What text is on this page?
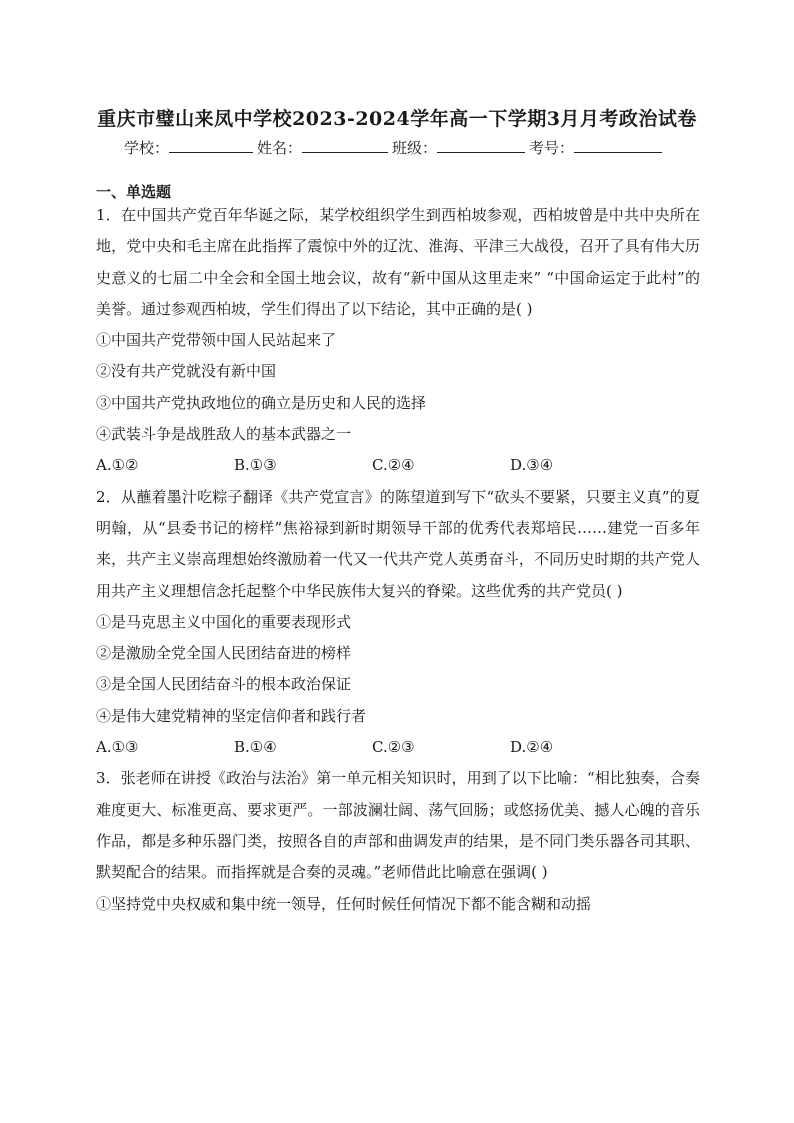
重庆市璧山来凤中学校2023-2024学年高一下学期3月月考政治试卷
学校：	姓名：	班级：	考号：
一、单选题

1．在中国共产党百年华诞之际，某学校组织学生到西柏坡参观，西柏坡曾是中共中央所在地，党中央和毛主席在此指挥了震惊中外的辽沈、淮海、平津三大战役，召开了具有伟大历史意义的七届二中全会和全国土地会议，故有“新中国从这里走来” “中国命运定于此村”的美誉。通过参观西柏坡，学生们得出了以下结论，其中正确的是( )

①中国共产党带领中国人民站起来了

②没有共产党就没有新中国

③中国共产党执政地位的确立是历史和人民的选择

④武装斗争是战胜敌人的基本武器之一

A.①②	B.①③	C.②④	D.③④

2．从蘸着墨汁吃粽子翻译《共产党宣言》的陈望道到写下“砍头不要紧，只要主义真”的夏明翰，从“县委书记的榜样”焦裕禄到新时期领导干部的优秀代表郑培民……建党一百多年来，共产主义崇高理想始终激励着一代又一代共产党人英勇奋斗，不同历史时期的共产党人用共产主义理想信念托起整个中华民族伟大复兴的脊梁。这些优秀的共产党员( )

①是马克思主义中国化的重要表现形式

②是激励全党全国人民团结奋进的榜样

③是全国人民团结奋斗的根本政治保证

④是伟大建党精神的坚定信仰者和践行者

A.①③	B.①④	C.②③	D.②④

3．张老师在讲授《政治与法治》第一单元相关知识时，用到了以下比喻：“相比独奏，合奏难度更大、标准更高、要求更严。一部波澜壮阔、荡气回肠；或悠扬优美、撼人心魄的音乐作品，都是多种乐器门类，按照各自的声部和曲调发声的结果，是不同门类乐器各司其职、默契配合的结果。而指挥就是合奏的灵魂。”老师借此比喻意在强调( )

①坚持党中央权威和集中统一领导，任何时候任何情况下都不能含糊和动摇
